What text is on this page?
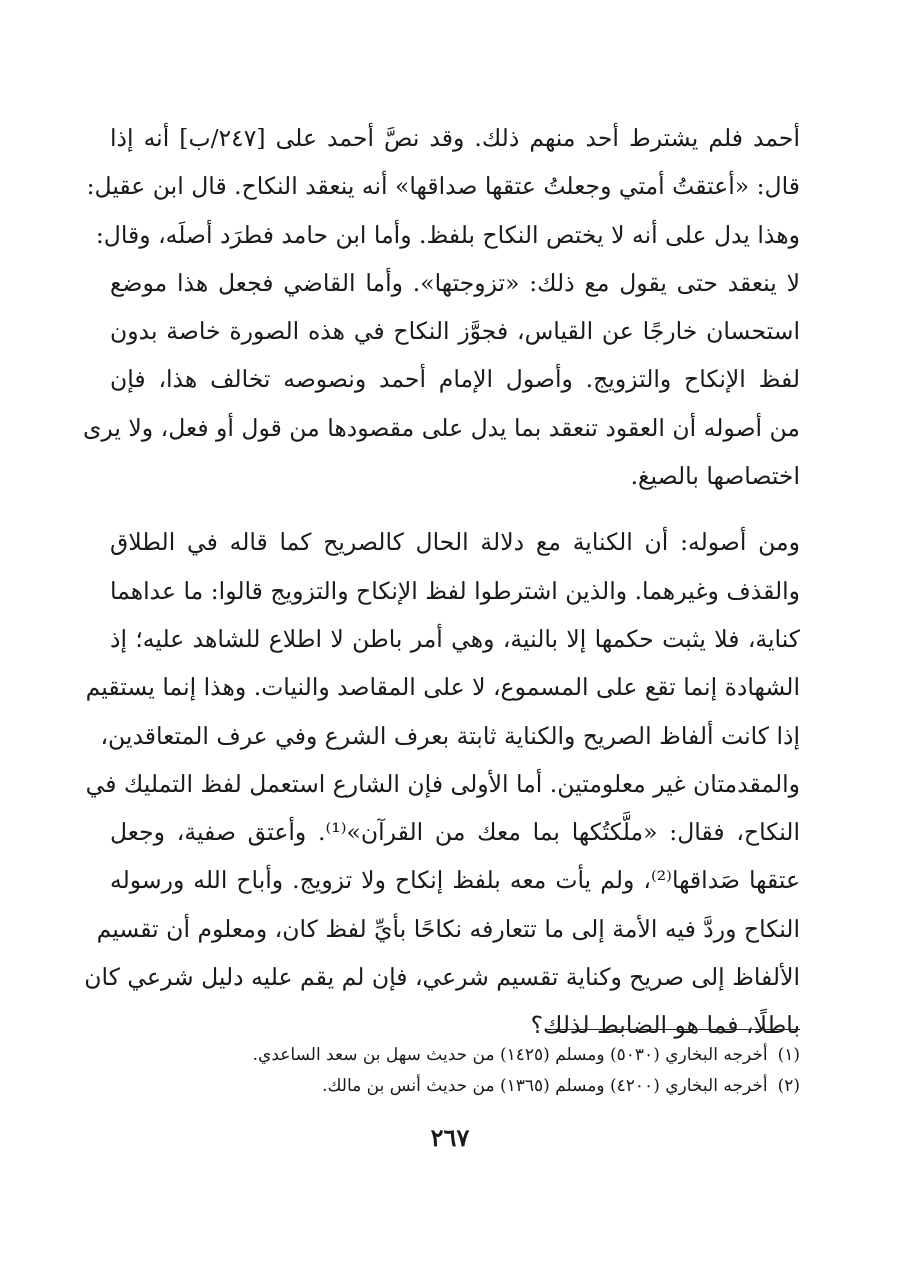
أحمد فلم يشترط أحد منهم ذلك. وقد نصَّ أحمد على [٢٤٧/ب] أنه إذا
قال: «أعتقتُ أمتي وجعلتُ عتقها صداقها» أنه ينعقد النكاح. قال ابن عقيل:
وهذا يدل على أنه لا يختص النكاح بلفظ. وأما ابن حامد فطرَد أصلَه، وقال:
لا ينعقد حتى يقول مع ذلك: «تزوجتها». وأما القاضي فجعل هذا موضع
استحسان خارجًا عن القياس، فجوَّز النكاح في هذه الصورة خاصة بدون
لفظ الإنكاح والتزويج. وأصول الإمام أحمد ونصوصه تخالف هذا، فإن
من أصوله أن العقود تنعقد بما يدل على مقصودها من قول أو فعل، ولا يرى
اختصاصها بالصيغ.

ومن أصوله: أن الكناية مع دلالة الحال كالصريح كما قاله في الطلاق
والقذف وغيرهما. والذين اشترطوا لفظ الإنكاح والتزويج قالوا: ما عداهما
كناية، فلا يثبت حكمها إلا بالنية، وهي أمر باطن لا اطلاع للشاهد عليه؛ إذ
الشهادة إنما تقع على المسموع، لا على المقاصد والنيات. وهذا إنما يستقيم
إذا كانت ألفاظ الصريح والكناية ثابتة بعرف الشرع وفي عرف المتعاقدين،
والمقدمتان غير معلومتين. أما الأولى فإن الشارع استعمل لفظ التمليك في
النكاح، فقال: «ملَّكتُكها بما معك من القرآن»⁽¹⁾. وأعتق صفية، وجعل
عتقها صَداقها⁽²⁾، ولم يأت معه بلفظ إنكاح ولا تزويج. وأباح الله ورسوله
النكاح وردَّ فيه الأمة إلى ما تتعارفه نكاحًا بأيِّ لفظ كان، ومعلوم أن تقسيم
الألفاظ إلى صريح وكناية تقسيم شرعي، فإن لم يقم عليه دليل شرعي كان
باطلًا، فما هو الضابط لذلك؟

(١)أخرجه البخاري (٥٠٣٠) ومسلم (١٤٢٥) من حديث سهل بن سعد الساعدي.
(٢)أخرجه البخاري (٤٢٠٠) ومسلم (١٣٦٥) من حديث أنس بن مالك.
٢٦٧
